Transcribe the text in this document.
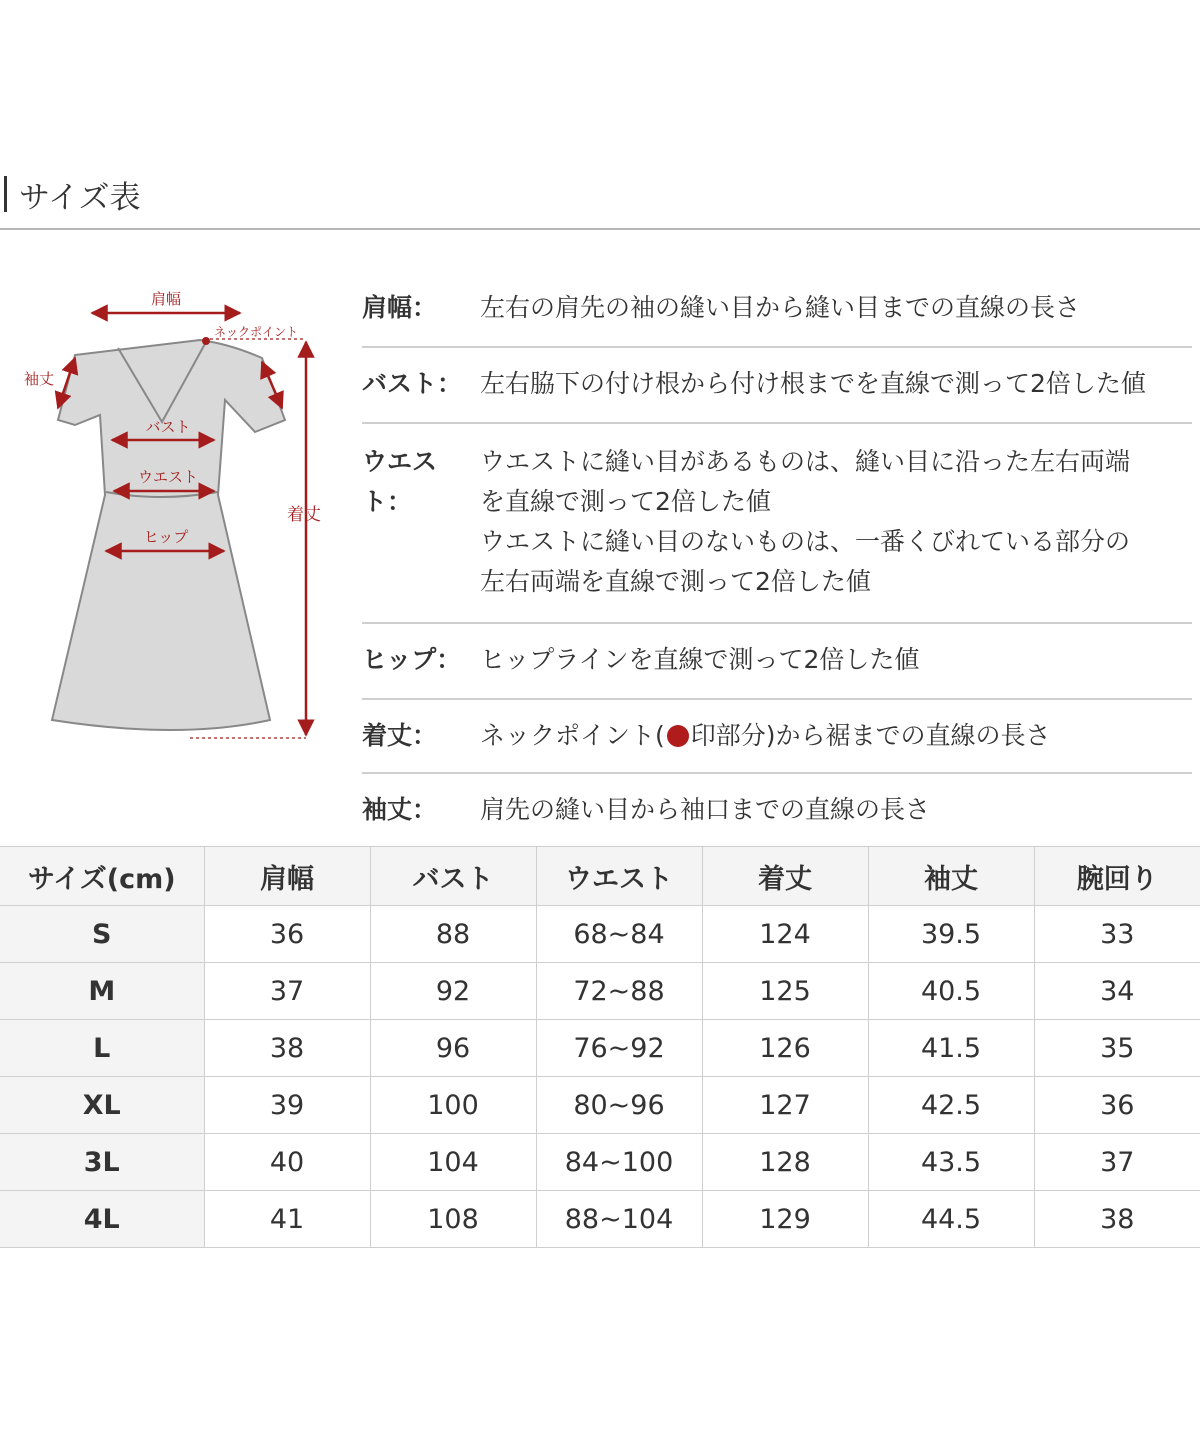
サイズ表
肩幅
ネックポイント
袖丈
バスト
ウエスト
ヒップ
着丈
肩幅：	左右の肩先の袖の縫い目から縫い目までの直線の長さ
バスト： 左右脇下の付け根から付け根までを直線で測って2倍した値
ウエスト：
ウエストに縫い目があるものは、縫い目に沿った左右両端
を直線で測って2倍した値
ウエストに縫い目のないものは、一番くびれている部分の
左右両端を直線で測って2倍した値
ヒップ： ヒップラインを直線で測って2倍した値
着丈：	ネックポイント( 印部分)から裾までの直線の長さ
袖丈：	肩先の縫い目から袖口までの直線の長さ
サイズ(cm)	肩幅	バスト	ウエスト	着丈	袖丈	腕回り
S	36	88	68~84	124	39.5	33
M	37	92	72~88	125	40.5	34
L	38	96	76~92	126	41.5	35
XL	39	100	80~96	127	42.5	36
3L	40	104	84~100	128	43.5	37
4L	41	108	88~104	129	44.5	38
